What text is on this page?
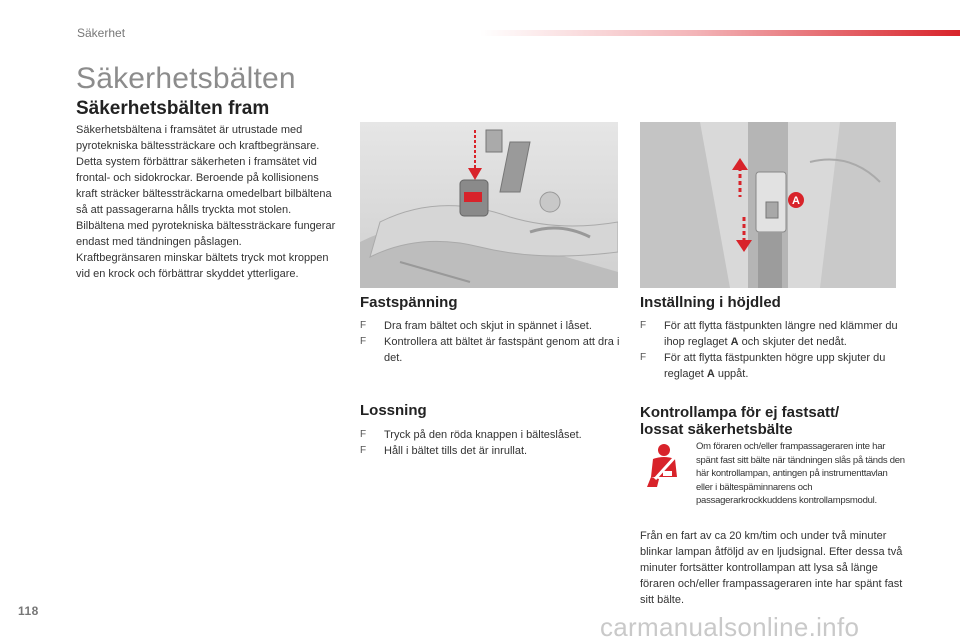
Säkerhet
Säkerhetsbälten
Säkerhetsbälten fram

Säkerhetsbältena i framsätet är utrustade med pyrotekniska bältessträckare och kraftbegränsare.

Detta system förbättrar säkerheten i framsätet vid frontal- och sidokrockar. Beroende på kollisionens kraft sträcker bältessträckarna omedelbart bilbältena så att passagerarna hålls tryckta mot stolen.

Bilbältena med pyrotekniska bältessträckare fungerar endast med tändningen påslagen.

Kraftbegränsaren minskar bältets tryck mot kroppen vid en krock och förbättrar skyddet ytterligare.

A
Fastspänning
F Dra fram bältet och skjut in spännet i låset.
F Kontrollera att bältet är fastspänt genom att dra i det.
Lossning
F Tryck på den röda knappen i bälteslåset.
F Håll i bältet tills det är inrullat.
Inställning i höjdled
F För att flytta fästpunkten längre ned klämmer du ihop reglaget A och skjuter det nedåt.
F För att flytta fästpunkten högre upp skjuter du reglaget A uppåt.
Kontrollampa för ej fastsatt/
lossat säkerhetsbälte
Om föraren och/eller frampassageraren inte har spänt fast sitt bälte när tändningen slås på tänds den här kontrollampan, antingen på instrumenttavlan eller i bältespäminnarens och passagerarkrockkuddens kontrollampsmodul.
Från en fart av ca 20 km/tim och under två minuter blinkar lampan åtföljd av en ljudsignal. Efter dessa två minuter fortsätter kontrollampan att lysa så länge föraren och/eller frampassageraren inte har spänt fast sitt bälte.
118
carmanualsonline.info
